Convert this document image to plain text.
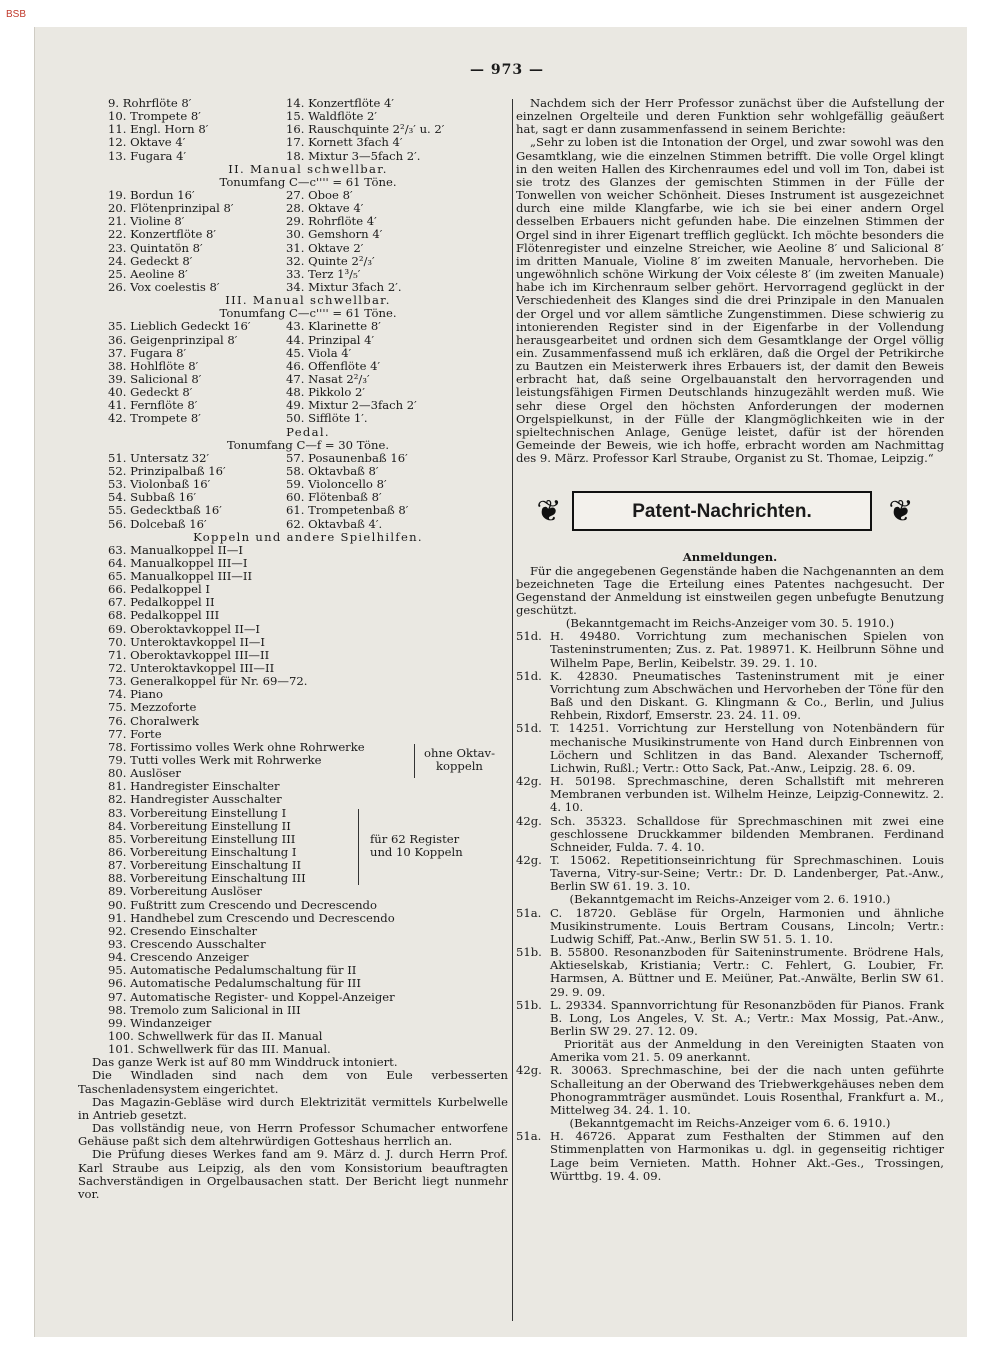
BSB
— 973 —
9. Rohrflöte 8′	14. Konzertflöte 4′
10. Trompete 8′	15. Waldflöte 2′
11. Engl. Horn 8′	16. Rauschquinte 2²/₃′ u. 2′
12. Oktave 4′	17. Kornett 3fach 4′
13. Fugara 4′	18. Mixtur 3—5fach 2′.
II. Manual schwellbar.
Tonumfang C—c'''' = 61 Töne.
19. Bordun 16′	27. Oboe 8′
20. Flötenprinzipal 8′	28. Oktave 4′
21. Violine 8′	29. Rohrflöte 4′
22. Konzertflöte 8′	30. Gemshorn 4′
23. Quintatön 8′	31. Oktave 2′
24. Gedeckt 8′	32. Quinte 2²/₃′
25. Aeoline 8′	33. Terz 1³/₅′
26. Vox coelestis 8′	34. Mixtur 3fach 2′.
III. Manual schwellbar.
Tonumfang C—c'''' = 61 Töne.
35. Lieblich Gedeckt 16′	43. Klarinette 8′
36. Geigenprinzipal 8′	44. Prinzipal 4′
37. Fugara 8′	45. Viola 4′
38. Hohlflöte 8′	46. Offenflöte 4′
39. Salicional 8′	47. Nasat 2²/₃′
40. Gedeckt 8′	48. Pikkolo 2′
41. Fernflöte 8′	49. Mixtur 2—3fach 2′
42. Trompete 8′	50. Sifflöte 1′.
Pedal.
Tonumfang C—f = 30 Töne.
51. Untersatz 32′	57. Posaunenbaß 16′
52. Prinzipalbaß 16′	58. Oktavbaß 8′
53. Violonbaß 16′	59. Violoncello 8′
54. Subbaß 16′	60. Flötenbaß 8′
55. Gedecktbaß 16′	61. Trompetenbaß 8′
56. Dolcebaß 16′	62. Oktavbaß 4′.
Koppeln und andere Spielhilfen.
63. Manualkoppel II—I
64. Manualkoppel III—I
65. Manualkoppel III—II
66. Pedalkoppel I
67. Pedalkoppel II
68. Pedalkoppel III
69. Oberoktavkoppel II—I
70. Unteroktavkoppel II—I
71. Oberoktavkoppel III—II
72. Unteroktavkoppel III—II
73. Generalkoppel für Nr. 69—72.
74. Piano
75. Mezzoforte
76. Choralwerk
77. Forte
78. Fortissimo volles Werk ohne Rohrwerke
79. Tutti volles Werk mit Rohrwerke
80. Auslöser
ohne Oktav-
koppeln
81. Handregister Einschalter
82. Handregister Ausschalter
83. Vorbereitung Einstellung I
84. Vorbereitung Einstellung II
85. Vorbereitung Einstellung III
86. Vorbereitung Einschaltung I
87. Vorbereitung Einschaltung II
88. Vorbereitung Einschaltung III
für 62 Register
und 10 Koppeln
89. Vorbereitung Auslöser
90. Fußtritt zum Crescendo und Decrescendo
91. Handhebel zum Crescendo und Decrescendo
92. Cresendo Einschalter
93. Crescendo Ausschalter
94. Crescendo Anzeiger
95. Automatische Pedalumschaltung für II
96. Automatische Pedalumschaltung für III
97. Automatische Register- und Koppel-Anzeiger
98. Tremolo zum Salicional in III
99. Windanzeiger
100. Schwellwerk für das II. Manual
101. Schwellwerk für das III. Manual.
Das ganze Werk ist auf 80 mm Winddruck intoniert.
Die Windladen sind nach dem von Eule verbesserten Taschenladensystem eingerichtet.
Das Magazin-Gebläse wird durch Elektrizität vermittels Kurbelwelle in Antrieb gesetzt.
Das vollständig neue, von Herrn Professor Schumacher entworfene Gehäuse paßt sich dem altehrwürdigen Gotteshaus herrlich an.
Die Prüfung dieses Werkes fand am 9. März d. J. durch Herrn Prof. Karl Straube aus Leipzig, als den vom Konsistorium beauftragten Sachverständigen in Orgelbausachen statt. Der Bericht liegt nunmehr vor.
Nachdem sich der Herr Professor zunächst über die Aufstellung der einzelnen Orgelteile und deren Funktion sehr wohlgefällig geäußert hat, sagt er dann zusammenfassend in seinem Berichte:
„Sehr zu loben ist die Intonation der Orgel, und zwar sowohl was den Gesamtklang, wie die einzelnen Stimmen betrifft. Die volle Orgel klingt in den weiten Hallen des Kirchenraumes edel und voll im Ton, dabei ist sie trotz des Glanzes der gemischten Stimmen in der Fülle der Tonwellen von weicher Schönheit. Dieses Instrument ist ausgezeichnet durch eine milde Klangfarbe, wie ich sie bei einer andern Orgel desselben Erbauers nicht gefunden habe. Die einzelnen Stimmen der Orgel sind in ihrer Eigenart trefflich geglückt. Ich möchte besonders die Flötenregister und einzelne Streicher, wie Aeoline 8′ und Salicional 8′ im dritten Manuale, Violine 8′ im zweiten Manuale, hervorheben. Die ungewöhnlich schöne Wirkung der Voix céleste 8′ (im zweiten Manuale) habe ich im Kirchenraum selber gehört. Hervorragend geglückt in der Verschiedenheit des Klanges sind die drei Prinzipale in den Manualen der Orgel und vor allem sämtliche Zungenstimmen. Diese schwierig zu intonierenden Register sind in der Eigenfarbe in der Vollendung herausgearbeitet und ordnen sich dem Gesamtklange der Orgel völlig ein. Zusammenfassend muß ich erklären, daß die Orgel der Petrikirche zu Bautzen ein Meisterwerk ihres Erbauers ist, der damit den Beweis erbracht hat, daß seine Orgelbauanstalt den hervorragenden und leistungsfähigen Firmen Deutschlands hinzugezählt werden muß. Wie sehr diese Orgel den höchsten Anforderungen der modernen Orgelspielkunst, in der Fülle der Klangmöglichkeiten wie in der spieltechnischen Anlage, Genüge leistet, dafür ist der hörenden Gemeinde der Beweis, wie ich hoffe, erbracht worden am Nachmittag des 9. März. Professor Karl Straube, Organist zu St. Thomae, Leipzig.“
❦	Patent-Nachrichten.	❦
Anmeldungen.
Für die angegebenen Gegenstände haben die Nachgenannten an dem bezeichneten Tage die Erteilung eines Patentes nachgesucht. Der Gegenstand der Anmeldung ist einstweilen gegen unbefugte Benutzung geschützt.
(Bekanntgemacht im Reichs-Anzeiger vom 30. 5. 1910.)
51d. H. 49480. Vorrichtung zum mechanischen Spielen von Tasteninstrumenten; Zus. z. Pat. 198971. K. Heilbrunn Söhne und Wilhelm Pape, Berlin, Keibelstr. 39. 29. 1. 10.
51d. K. 42830. Pneumatisches Tasteninstrument mit je einer Vorrichtung zum Abschwächen und Hervorheben der Töne für den Baß und den Diskant. G. Klingmann & Co., Berlin, und Julius Rehbein, Rixdorf, Emserstr. 23. 24. 11. 09.
51d. T. 14251. Vorrichtung zur Herstellung von Notenbändern für mechanische Musikinstrumente von Hand durch Einbrennen von Löchern und Schlitzen in das Band. Alexander Tschernoff, Lichwin, Rußl.; Vertr.: Otto Sack, Pat.-Anw., Leipzig. 28. 6. 09.
42g. H. 50198. Sprechmaschine, deren Schallstift mit mehreren Membranen verbunden ist. Wilhelm Heinze, Leipzig-Connewitz. 2. 4. 10.
42g. Sch. 35323. Schalldose für Sprechmaschinen mit zwei eine geschlossene Druckkammer bildenden Membranen. Ferdinand Schneider, Fulda. 7. 4. 10.
42g. T. 15062. Repetitionseinrichtung für Sprechmaschinen. Louis Taverna, Vitry-sur-Seine; Vertr.: Dr. D. Landenberger, Pat.-Anw., Berlin SW 61. 19. 3. 10.
(Bekanntgemacht im Reichs-Anzeiger vom 2. 6. 1910.)
51a. C. 18720. Gebläse für Orgeln, Harmonien und ähnliche Musikinstrumente. Louis Bertram Cousans, Lincoln; Vertr.: Ludwig Schiff, Pat.-Anw., Berlin SW 51. 5. 1. 10.
51b. B. 55800. Resonanzboden für Saiteninstrumente. Brödrene Hals, Aktieselskab, Kristiania; Vertr.: C. Fehlert, G. Loubier, Fr. Harmsen, A. Büttner und E. Meiüner, Pat.-Anwälte, Berlin SW 61. 29. 9. 09.
51b. L. 29334. Spannvorrichtung für Resonanzböden für Pianos. Frank B. Long, Los Angeles, V. St. A.; Vertr.: Max Mossig, Pat.-Anw., Berlin SW 29. 27. 12. 09.
Priorität aus der Anmeldung in den Vereinigten Staaten von Amerika vom 21. 5. 09 anerkannt.
42g. R. 30063. Sprechmaschine, bei der die nach unten geführte Schalleitung an der Oberwand des Triebwerkgehäuses neben dem Phonogrammträger ausmündet. Louis Rosenthal, Frankfurt a. M., Mittelweg 34. 24. 1. 10.
(Bekanntgemacht im Reichs-Anzeiger vom 6. 6. 1910.)
51a. H. 46726. Apparat zum Festhalten der Stimmen auf den Stimmenplatten von Harmonikas u. dgl. in gegenseitig richtiger Lage beim Vernieten. Matth. Hohner Akt.-Ges., Trossingen, Württbg. 19. 4. 09.
